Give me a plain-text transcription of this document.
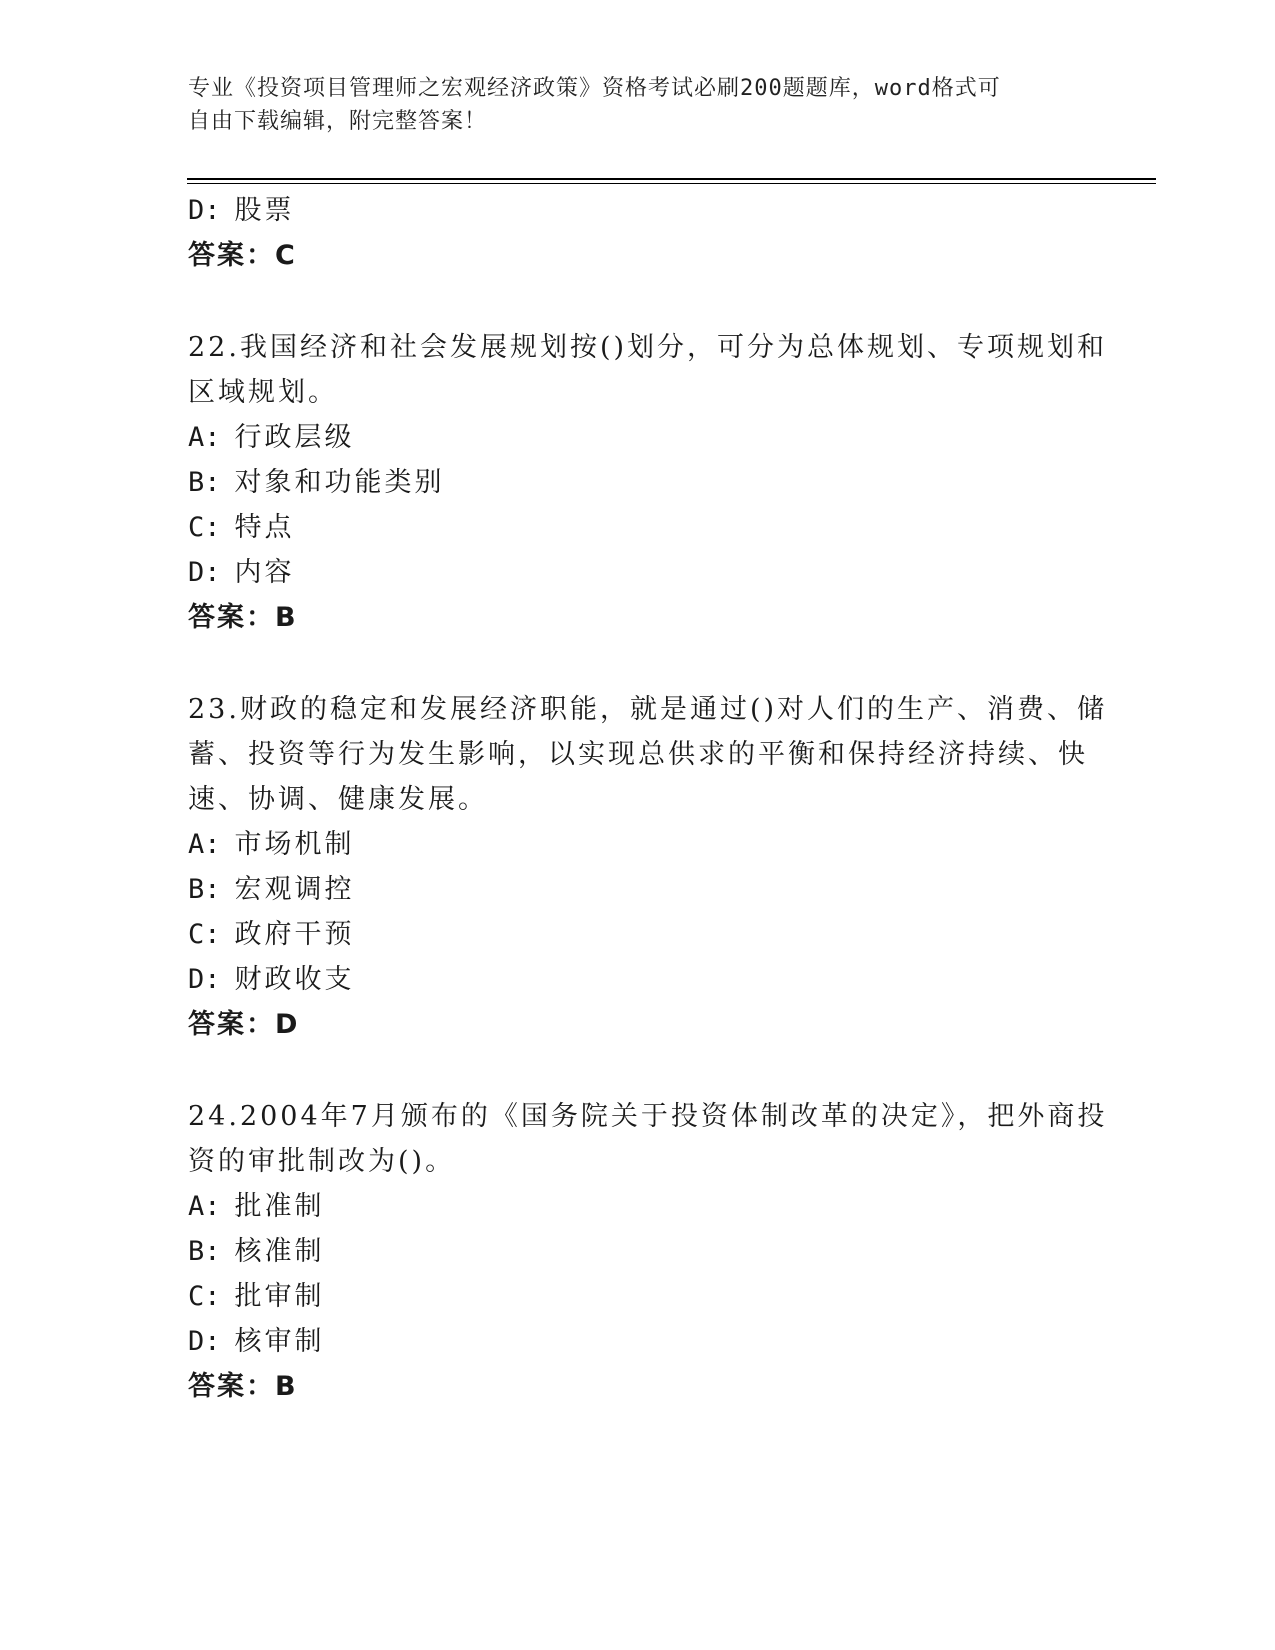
专业《投资项目管理师之宏观经济政策》资格考试必刷200题题库，word格式可
自由下载编辑，附完整答案！
D: 股票
答案：C
22.我国经济和社会发展规划按()划分，可分为总体规划、专项规划和
区域规划。
A: 行政层级
B: 对象和功能类别
C: 特点
D: 内容
答案：B
23.财政的稳定和发展经济职能，就是通过()对人们的生产、消费、储
蓄、投资等行为发生影响，以实现总供求的平衡和保持经济持续、快
速、协调、健康发展。
A: 市场机制
B: 宏观调控
C: 政府干预
D: 财政收支
答案：D
24.2004年7月颁布的《国务院关于投资体制改革的决定》，把外商投
资的审批制改为()。
A: 批准制
B: 核准制
C: 批审制
D: 核审制
答案：B
